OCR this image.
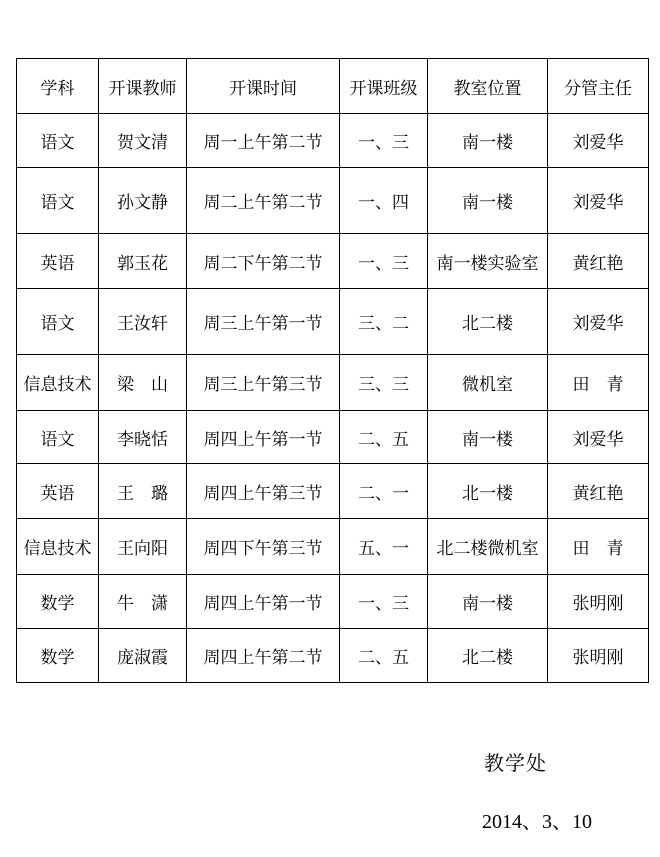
学科	开课教师	开课时间	开课班级	教室位置	分管主任
语文	贺文清	周一上午第二节	一、三	南一楼	刘爱华
语文	孙文静	周二上午第二节	一、四	南一楼	刘爱华
英语	郭玉花	周二下午第二节	一、三	南一楼实验室	黄红艳
语文	王汝轩	周三上午第一节	三、二	北二楼	刘爱华
信息技术	梁　山	周三上午第三节	三、三	微机室	田　青
语文	李晓恬	周四上午第一节	二、五	南一楼	刘爱华
英语	王　璐	周四上午第三节	二、一	北一楼	黄红艳
信息技术	王向阳	周四下午第三节	五、一	北二楼微机室	田　青
数学	牛　潇	周四上午第一节	一、三	南一楼	张明刚
数学	庞淑霞	周四上午第二节	二、五	北二楼	张明刚
教学处
2014、3、10
